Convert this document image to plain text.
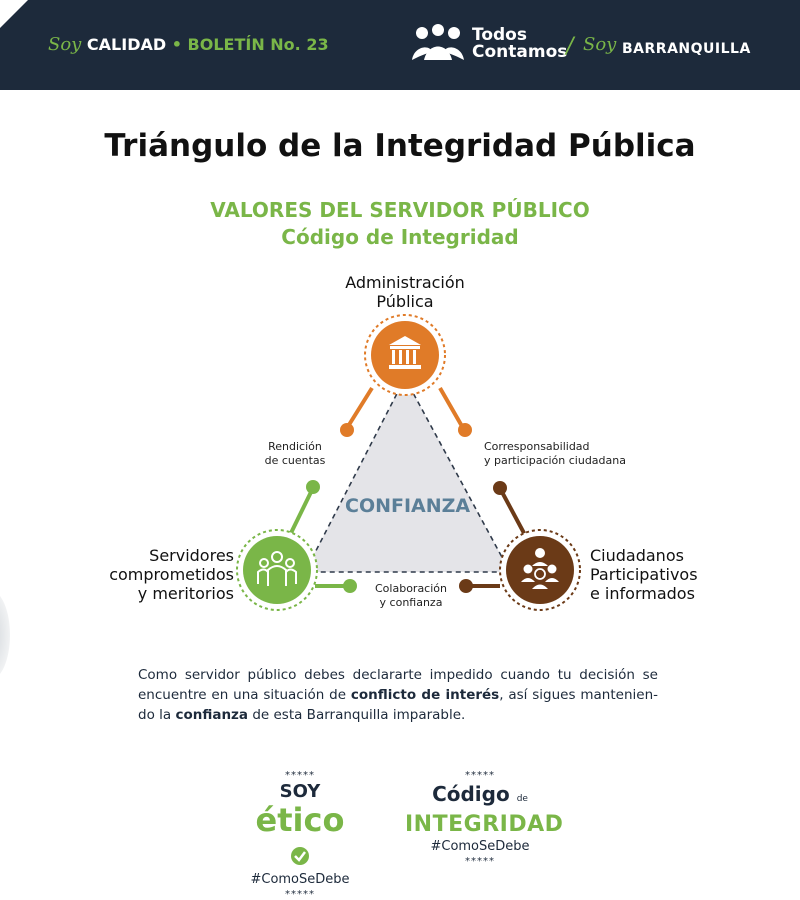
Soy CALIDAD • BOLETÍN No. 23	Todos
Contamos
/ Soy BARRANQUILLA
Triángulo de la Integridad Pública
VALORES DEL SERVIDOR PÚBLICO
Código de Integridad
Administración
Pública
Servidores
comprometidos
y meritorios
Ciudadanos
Participativos
e informados
Rendición
de cuentas
Corresponsabilidad
y participación ciudadana
Colaboración
y confianza
CONFIANZA
Como servidor público debes declararte impedido cuando tu decisión se encuentre en una situación de conflicto de interés, así sigues manteniendo la confianza de esta Barranquilla imparable.
*****
SOY
ético
#ComoSeDebe
*****
*****
Código de
INTEGRIDAD
#ComoSeDebe
*****
